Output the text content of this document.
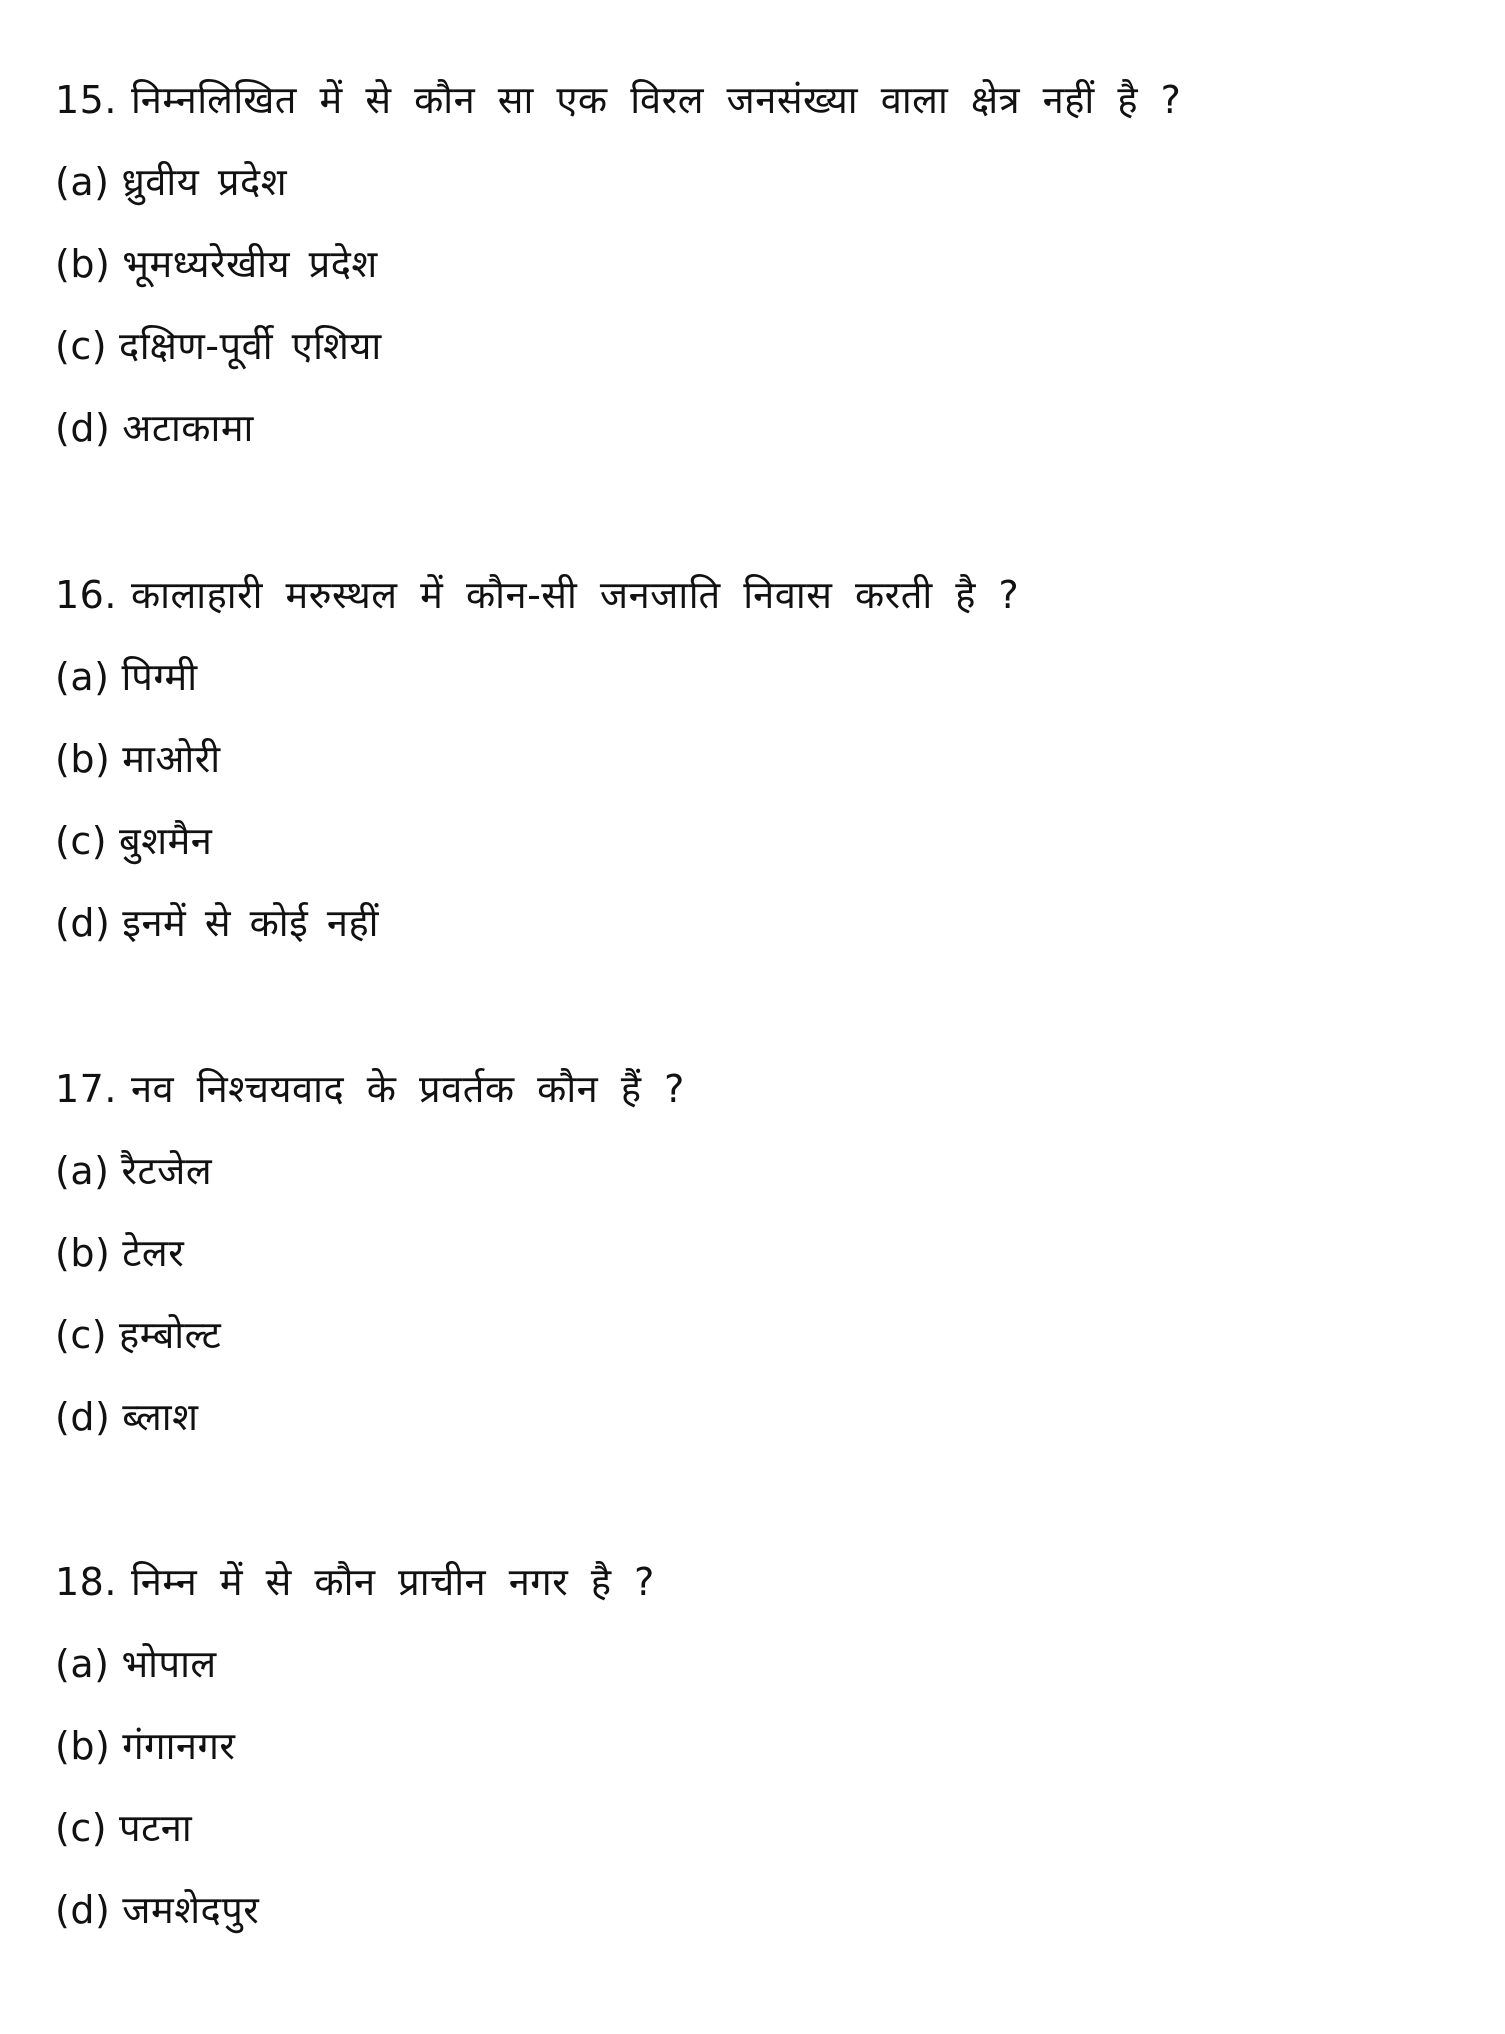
15. निम्नलिखित में से कौन सा एक विरल जनसंख्या वाला क्षेत्र नहीं है ?
(a) ध्रुवीय प्रदेश
(b) भूमध्यरेखीय प्रदेश
(c) दक्षिण-पूर्वी एशिया
(d) अटाकामा
16. कालाहारी मरुस्थल में कौन-सी जनजाति निवास करती है ?
(a) पिग्मी
(b) माओरी
(c) बुशमैन
(d) इनमें से कोई नहीं
17. नव निश्चयवाद के प्रवर्तक कौन हैं ?
(a) रैटजेल
(b) टेलर
(c) हम्बोल्ट
(d) ब्लाश
18. निम्न में से कौन प्राचीन नगर है ?
(a) भोपाल
(b) गंगानगर
(c) पटना
(d) जमशेदपुर
